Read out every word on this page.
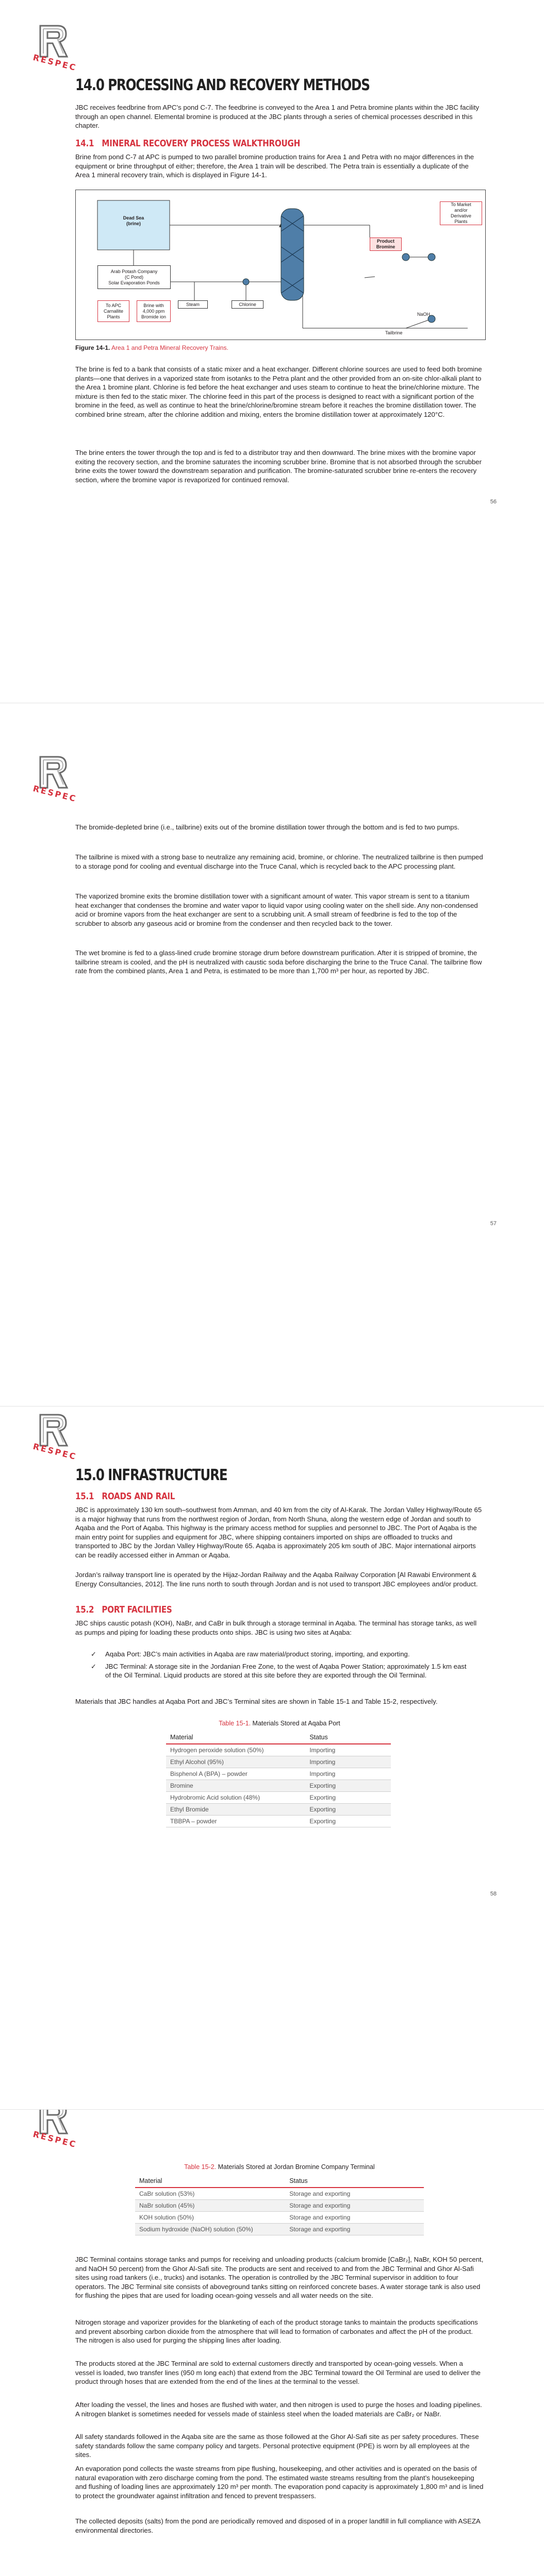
RESPEC
14.0 PROCESSING AND RECOVERY METHODS

JBC receives feedbrine from APC’s pond C-7. The feedbrine is conveyed to the Area 1 and Petra bromine plants within the JBC facility through an open channel. Elemental bromine is produced at the JBC plants through a series of chemical processes described in this chapter.

14.1 MINERAL RECOVERY PROCESS WALKTHROUGH

Brine from pond C-7 at APC is pumped to two parallel bromine production trains for Area 1 and Petra with no major differences in the equipment or brine throughput of either; therefore, the Area 1 train will be described. The Petra train is essentially a duplicate of the Area 1 mineral recovery train, which is displayed in Figure 14-1.

Dead Sea
(brine)
Arab Potash Company
(C Pond)
Solar Evaporation Ponds
To APC
Carnallite
Plants
Brine with
4,000 ppm
Bromide ion
Steam	Chlorine
To Market
and/or
Derivative
Plants
Product
Bromine
NaOH
Tailbrine
Figure 14-1. Area 1 and Petra Mineral Recovery Trains.

The brine is fed to a bank that consists of a static mixer and a heat exchanger. Different chlorine sources are used to feed both bromine plants—one that derives in a vaporized state from isotanks to the Petra plant and the other provided from an on-site chlor-alkali plant to the Area 1 bromine plant. Chlorine is fed before the heat exchanger and uses steam to continue to heat the brine/chlorine mixture. The mixture is then fed to the static mixer. The chlorine feed in this part of the process is designed to react with a significant portion of the bromine in the feed, as well as continue to heat the brine/chlorine/bromine stream before it reaches the bromine distillation tower. The combined brine stream, after the chlorine addition and mixing, enters the bromine distillation tower at approximately 120°C.

The brine enters the tower through the top and is fed to a distributor tray and then downward. The brine mixes with the bromine vapor exiting the recovery section, and the bromine saturates the incoming scrubber brine. Bromine that is not absorbed through the scrubber brine exits the tower toward the downstream separation and purification. The bromine-saturated scrubber brine re-enters the recovery section, where the bromine vapor is revaporized for continued removal.

56
RESPEC

The bromide-depleted brine (i.e., tailbrine) exits out of the bromine distillation tower through the bottom and is fed to two pumps.

The tailbrine is mixed with a strong base to neutralize any remaining acid, bromine, or chlorine. The neutralized tailbrine is then pumped to a storage pond for cooling and eventual discharge into the Truce Canal, which is recycled back to the APC processing plant.

The vaporized bromine exits the bromine distillation tower with a significant amount of water. This vapor stream is sent to a titanium heat exchanger that condenses the bromine and water vapor to liquid vapor using cooling water on the shell side. Any non-condensed acid or bromine vapors from the heat exchanger are sent to a scrubbing unit. A small stream of feedbrine is fed to the top of the scrubber to absorb any gaseous acid or bromine from the condenser and then recycled back to the tower.

The wet bromine is fed to a glass-lined crude bromine storage drum before downstream purification. After it is stripped of bromine, the tailbrine stream is cooled, and the pH is neutralized with caustic soda before discharging the brine to the Truce Canal. The tailbrine flow rate from the combined plants, Area 1 and Petra, is estimated to be more than 1,700 m³ per hour, as reported by JBC.

57
RESPEC
15.0 INFRASTRUCTURE
15.1 ROADS AND RAIL

JBC is approximately 130 km south–southwest from Amman, and 40 km from the city of Al-Karak. The Jordan Valley Highway/Route 65 is a major highway that runs from the northwest region of Jordan, from North Shuna, along the western edge of Jordan and south to Aqaba and the Port of Aqaba. This highway is the primary access method for supplies and personnel to JBC. The Port of Aqaba is the main entry point for supplies and equipment for JBC, where shipping containers imported on ships are offloaded to trucks and transported to JBC by the Jordan Valley Highway/Route 65. Aqaba is approximately 205 km south of JBC. Major international airports can be readily accessed either in Amman or Aqaba.

Jordan’s railway transport line is operated by the Hijaz-Jordan Railway and the Aqaba Railway Corporation [Al Rawabi Environment & Energy Consultancies, 2012]. The line runs north to south through Jordan and is not used to transport JBC employees and/or product.

15.2 PORT FACILITIES

JBC ships caustic potash (KOH), NaBr, and CaBr in bulk through a storage terminal in Aqaba. The terminal has storage tanks, as well as pumps and piping for loading these products onto ships. JBC is using two sites at Aqaba:

✓ Aqaba Port: JBC’s main activities in Aqaba are raw material/product storing, importing, and exporting.
✓ JBC Terminal: A storage site in the Jordanian Free Zone, to the west of Aqaba Power Station; approximately 1.5 km east of the Oil Terminal. Liquid products are stored at this site before they are exported through the Oil Terminal.

Materials that JBC handles at Aqaba Port and JBC’s Terminal sites are shown in Table 15-1 and Table 15-2, respectively.

Table 15-1. Materials Stored at Aqaba Port
Material	Status
Hydrogen peroxide solution (50%)	Importing
Ethyl Alcohol (95%)	Importing
Bisphenol A (BPA) – powder	Importing
Bromine	Exporting
Hydrobromic Acid solution (48%)	Exporting
Ethyl Bromide	Exporting
TBBPA – powder	Exporting
58
RESPEC
Table 15-2. Materials Stored at Jordan Bromine Company Terminal
Material	Status
CaBr solution (53%)	Storage and exporting
NaBr solution (45%)	Storage and exporting
KOH solution (50%)	Storage and exporting
Sodium hydroxide (NaOH) solution (50%)	Storage and exporting

JBC Terminal contains storage tanks and pumps for receiving and unloading products (calcium bromide [CaBr₂], NaBr, KOH 50 percent, and NaOH 50 percent) from the Ghor Al-Safi site. The products are sent and received to and from the JBC Terminal and Ghor Al-Safi sites using road tankers (i.e., trucks) and isotanks. The operation is controlled by the JBC Terminal supervisor in addition to four operators. The JBC Terminal site consists of aboveground tanks sitting on reinforced concrete bases. A water storage tank is also used for flushing the pipes that are used for loading ocean-going vessels and all water needs on the site.

Nitrogen storage and vaporizer provides for the blanketing of each of the product storage tanks to maintain the products specifications and prevent absorbing carbon dioxide from the atmosphere that will lead to formation of carbonates and affect the pH of the product. The nitrogen is also used for purging the shipping lines after loading.

The products stored at the JBC Terminal are sold to external customers directly and transported by ocean-going vessels. When a vessel is loaded, two transfer lines (950 m long each) that extend from the JBC Terminal toward the Oil Terminal are used to deliver the product through hoses that are extended from the end of the lines at the terminal to the vessel.

After loading the vessel, the lines and hoses are flushed with water, and then nitrogen is used to purge the hoses and loading pipelines. A nitrogen blanket is sometimes needed for vessels made of stainless steel when the loaded materials are CaBr₂ or NaBr.

All safety standards followed in the Aqaba site are the same as those followed at the Ghor Al-Safi site as per safety procedures. These safety standards follow the same company policy and targets. Personal protective equipment (PPE) is worn by all employees at the sites.

An evaporation pond collects the waste streams from pipe flushing, housekeeping, and other activities and is operated on the basis of natural evaporation with zero discharge coming from the pond. The estimated waste streams resulting from the plant’s housekeeping and flushing of loading lines are approximately 120 m³ per month. The evaporation pond capacity is approximately 1,800 m³ and is lined to protect the groundwater against infiltration and fenced to prevent trespassers.

The collected deposits (salts) from the pond are periodically removed and disposed of in a proper landfill in full compliance with ASEZA environmental directories.
